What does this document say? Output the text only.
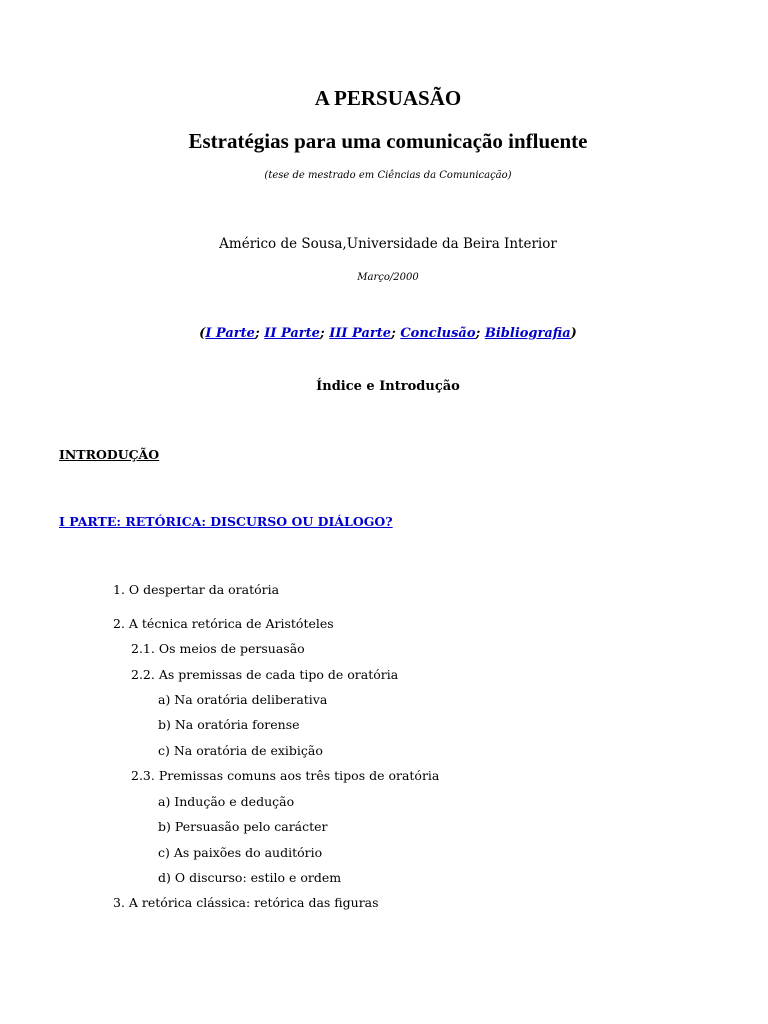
A PERSUASÃO
Estratégias para uma comunicação influente
(tese de mestrado em Ciências da Comunicação)
Américo de Sousa,Universidade da Beira Interior
Março/2000
(I Parte; II Parte; III Parte; Conclusão; Bibliografia)
Índice e Introdução
INTRODUÇÃO
I PARTE: RETÓRICA: DISCURSO OU DIÁLOGO?
1. O despertar da oratória
2. A técnica retórica de Aristóteles
2.1. Os meios de persuasão
2.2. As premissas de cada tipo de oratória
a) Na oratória deliberativa
b) Na oratória forense
c) Na oratória de exibição
2.3. Premissas comuns aos três tipos de oratória
a) Indução e dedução
b) Persuasão pelo carácter
c) As paixões do auditório
d) O discurso: estilo e ordem
3. A retórica clássica: retórica das figuras
